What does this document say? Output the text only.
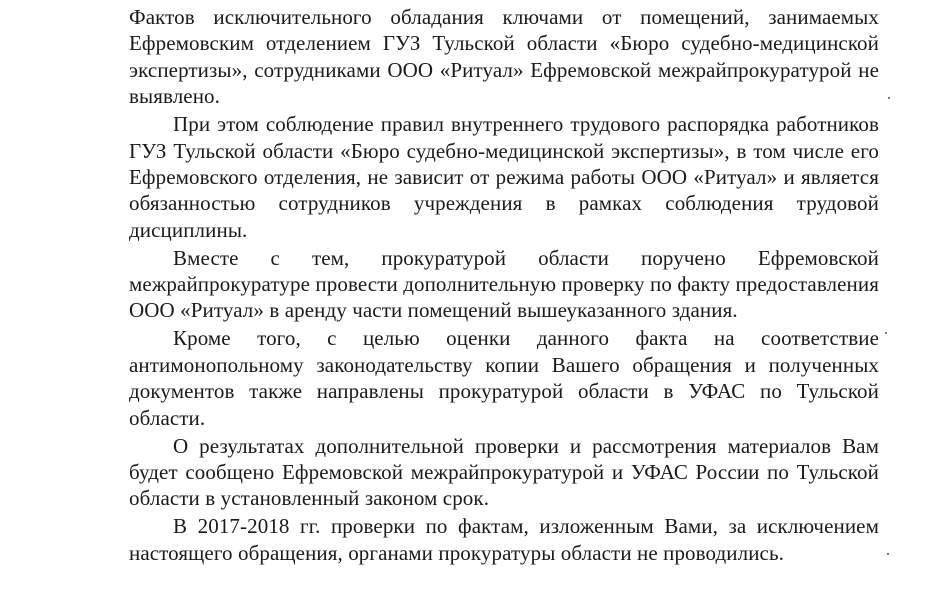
Фактов исключительного обладания ключами от помещений, занимаемых Ефремовским отделением ГУЗ Тульской области «Бюро судебно-медицинской экспертизы», сотрудниками ООО «Ритуал» Ефремовской межрайпрокуратурой не выявлено.

При этом соблюдение правил внутреннего трудового распорядка работников ГУЗ Тульской области «Бюро судебно-медицинской экспертизы», в том числе его Ефремовского отделения, не зависит от режима работы ООО «Ритуал» и является обязанностью сотрудников учреждения в рамках соблюдения трудовой дисциплины.

Вместе с тем, прокуратурой области поручено Ефремовской межрайпрокуратуре провести дополнительную проверку по факту предоставления ООО «Ритуал» в аренду части помещений вышеуказанного здания.

Кроме того, с целью оценки данного факта на соответствие антимонопольному законодательству копии Вашего обращения и полученных документов также направлены прокуратурой области в УФАС по Тульской области.

О результатах дополнительной проверки и рассмотрения материалов Вам будет сообщено Ефремовской межрайпрокуратурой и УФАС России по Тульской области в установленный законом срок.

В 2017-2018 гг. проверки по фактам, изложенным Вами, за исключением настоящего обращения, органами прокуратуры области не проводились.
